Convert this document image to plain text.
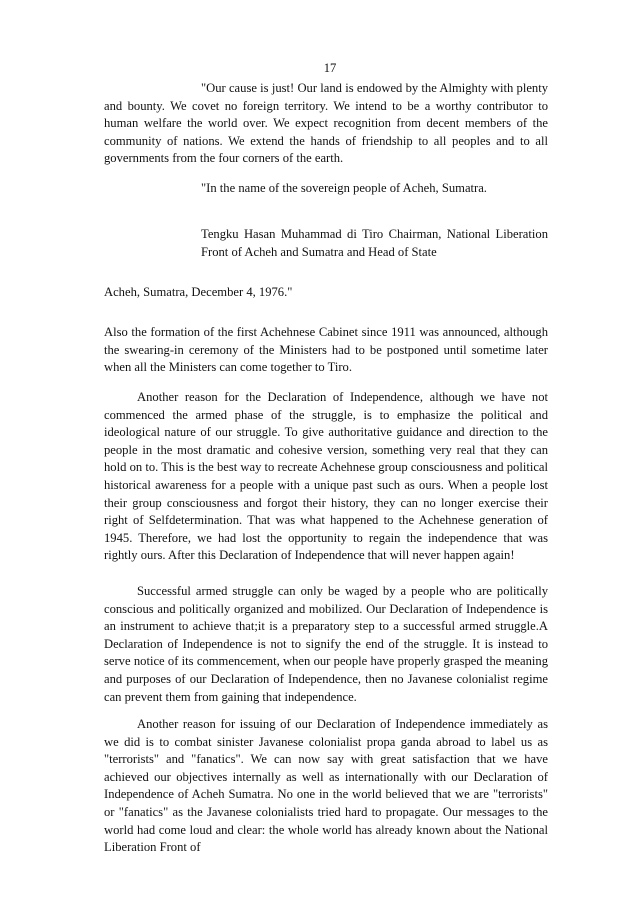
17

"Our cause is just! Our land is endowed by the Almighty with plenty and bounty. We covet no foreign territory. We intend to be a worthy contributor to human welfare the world over. We expect recognition from decent members of the community of nations. We extend the hands of friendship to all peoples and to all governments from the four corners of the earth.

"In the name of the sovereign people of Acheh, Sumatra.

Tengku Hasan Muhammad di Tiro Chairman, National Liberation Front of Acheh and Sumatra and Head of State

Acheh, Sumatra, December 4, 1976."

Also the formation of the first Achehnese Cabinet since 1911 was announced, although the swearing-in ceremony of the Ministers had to be postponed until sometime later when all the Ministers can come together to Tiro.

Another reason for the Declaration of Independence, although we have not commenced the armed phase of the struggle, is to emphasize the political and ideological nature of our struggle. To give authoritative guidance and direction to the people in the most dramatic and cohesive version, something very real that they can hold on to. This is the best way to recreate Achehnese group consciousness and political historical awareness for a people with a unique past such as ours. When a people lost their group consciousness and forgot their history, they can no longer exercise their right of Selfdetermination. That was what happened to the Achehnese generation of 1945. Therefore, we had lost the opportunity to regain the independence that was rightly ours. After this Declaration of Independence that will never happen again!

Successful armed struggle can only be waged by a people who are politically conscious and politically organized and mobilized. Our Declaration of Independence is an instrument to achieve that;it is a preparatory step to a successful armed struggle.A Declaration of Independence is not to signify the end of the struggle. It is instead to serve notice of its commencement, when our people have properly grasped the meaning and purposes of our Declaration of Independence, then no Javanese colonialist regime can prevent them from gaining that independence.

Another reason for issuing of our Declaration of Independence immediately as we did is to combat sinister Javanese colonialist propa ganda abroad to label us as "terrorists" and "fanatics". We can now say with great satisfaction that we have achieved our objectives internally as well as internationally with our Declaration of Independence of Acheh Sumatra. No one in the world believed that we are "terrorists" or "fanatics" as the Javanese colonialists tried hard to propagate. Our messages to the world had come loud and clear: the whole world has already known about the National Liberation Front of
